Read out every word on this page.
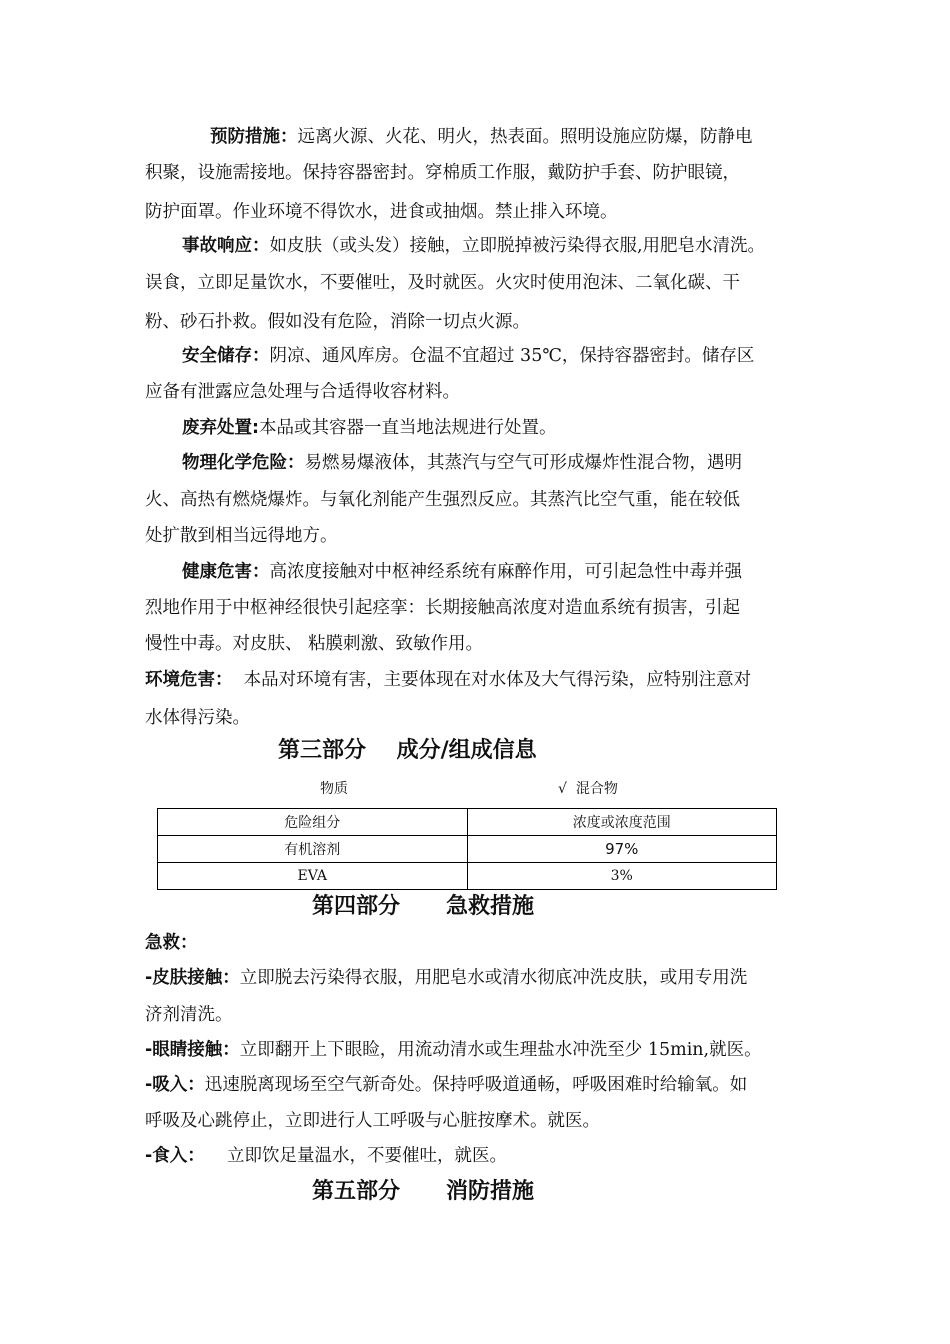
预防措施：远离火源、火花、明火，热表面。照明设施应防爆，防静电
积聚，设施需接地。保持容器密封。穿棉质工作服，戴防护手套、防护眼镜，
防护面罩。作业环境不得饮水，进食或抽烟。禁止排入环境。
事故响应：如皮肤（或头发）接触，立即脱掉被污染得衣服,用肥皂水清洗。
误食，立即足量饮水，不要催吐，及时就医。火灾时使用泡沫、二氧化碳、干
粉、砂石扑救。假如没有危险，消除一切点火源。
安全储存：阴凉、通风库房。仓温不宜超过 35℃，保持容器密封。储存区
应备有泄露应急处理与合适得收容材料。
废弃处置:本品或其容器一直当地法规进行处置。
物理化学危险：易燃易爆液体，其蒸汽与空气可形成爆炸性混合物，遇明
火、高热有燃烧爆炸。与氧化剂能产生强烈反应。其蒸汽比空气重，能在较低
处扩散到相当远得地方。
健康危害：高浓度接触对中枢神经系统有麻醉作用，可引起急性中毒并强
烈地作用于中枢神经很快引起痉挛：长期接触高浓度对造血系统有损害，引起
慢性中毒。对皮肤、 粘膜刺激、致敏作用。
环境危害：  本品对环境有害，主要体现在对水体及大气得污染，应特别注意对
水体得污染。
第三部分    成分/组成信息
物质	√  混合物
危险组分	浓度或浓度范围
有机溶剂	97%
EVA	3%
第四部分      急救措施
急救：
-皮肤接触：立即脱去污染得衣服，用肥皂水或清水彻底冲洗皮肤，或用专用洗
济剂清洗。
-眼睛接触：立即翻开上下眼睑，用流动清水或生理盐水冲洗至少 15min,就医。
-吸入：迅速脱离现场至空气新奇处。保持呼吸道通畅，呼吸困难时给输氧。如
呼吸及心跳停止，立即进行人工呼吸与心脏按摩术。就医。
-食入：    立即饮足量温水，不要催吐，就医。
第五部分      消防措施
